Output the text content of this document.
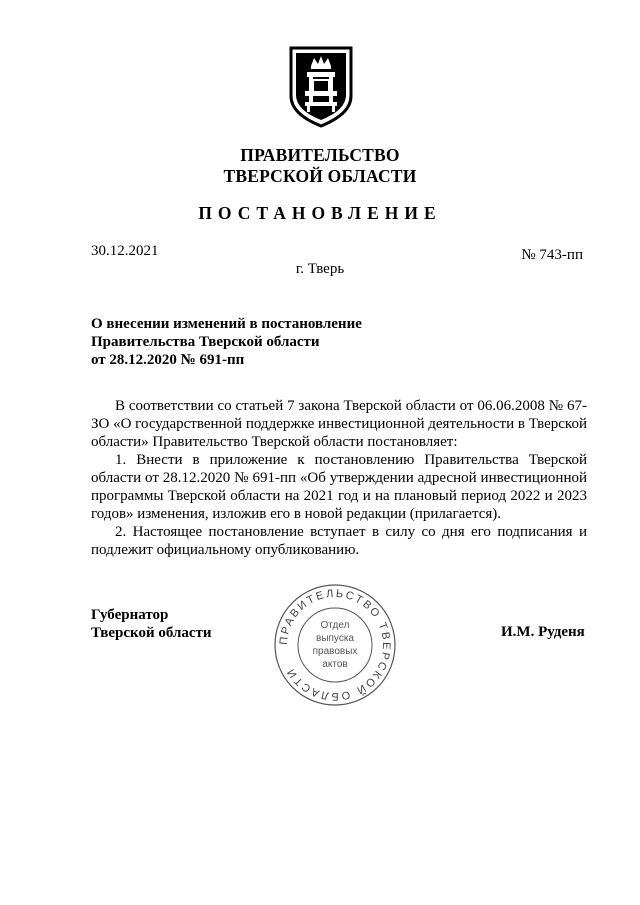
ПРАВИТЕЛЬСТВО
ТВЕРСКОЙ ОБЛАСТИ
ПОСТАНОВЛЕНИЕ
30.12.2021	№ 743-пп
г. Тверь
О внесении изменений в постановление
Правительства Тверской области
от 28.12.2020 № 691-пп

В соответствии со статьей 7 закона Тверской области от 06.06.2008 № 67-ЗО «О государственной поддержке инвестиционной деятельности в Тверской области» Правительство Тверской области постановляет:

1. Внести в приложение к постановлению Правительства Тверской области от 28.12.2020 № 691-пп «Об утверждении адресной инвестиционной программы Тверской области на 2021 год и на плановый период 2022 и 2023 годов» изменения, изложив его в новой редакции (прилагается).

2. Настоящее постановление вступает в силу со дня его подписания и подлежит официальному опубликованию.

Губернатор
Тверской области	И.М. Руденя
ПРАВИТЕЛЬСТВО ТВЕРСКОЙ ОБЛАСТИ
Отдел
выпуска
правовых
актов
